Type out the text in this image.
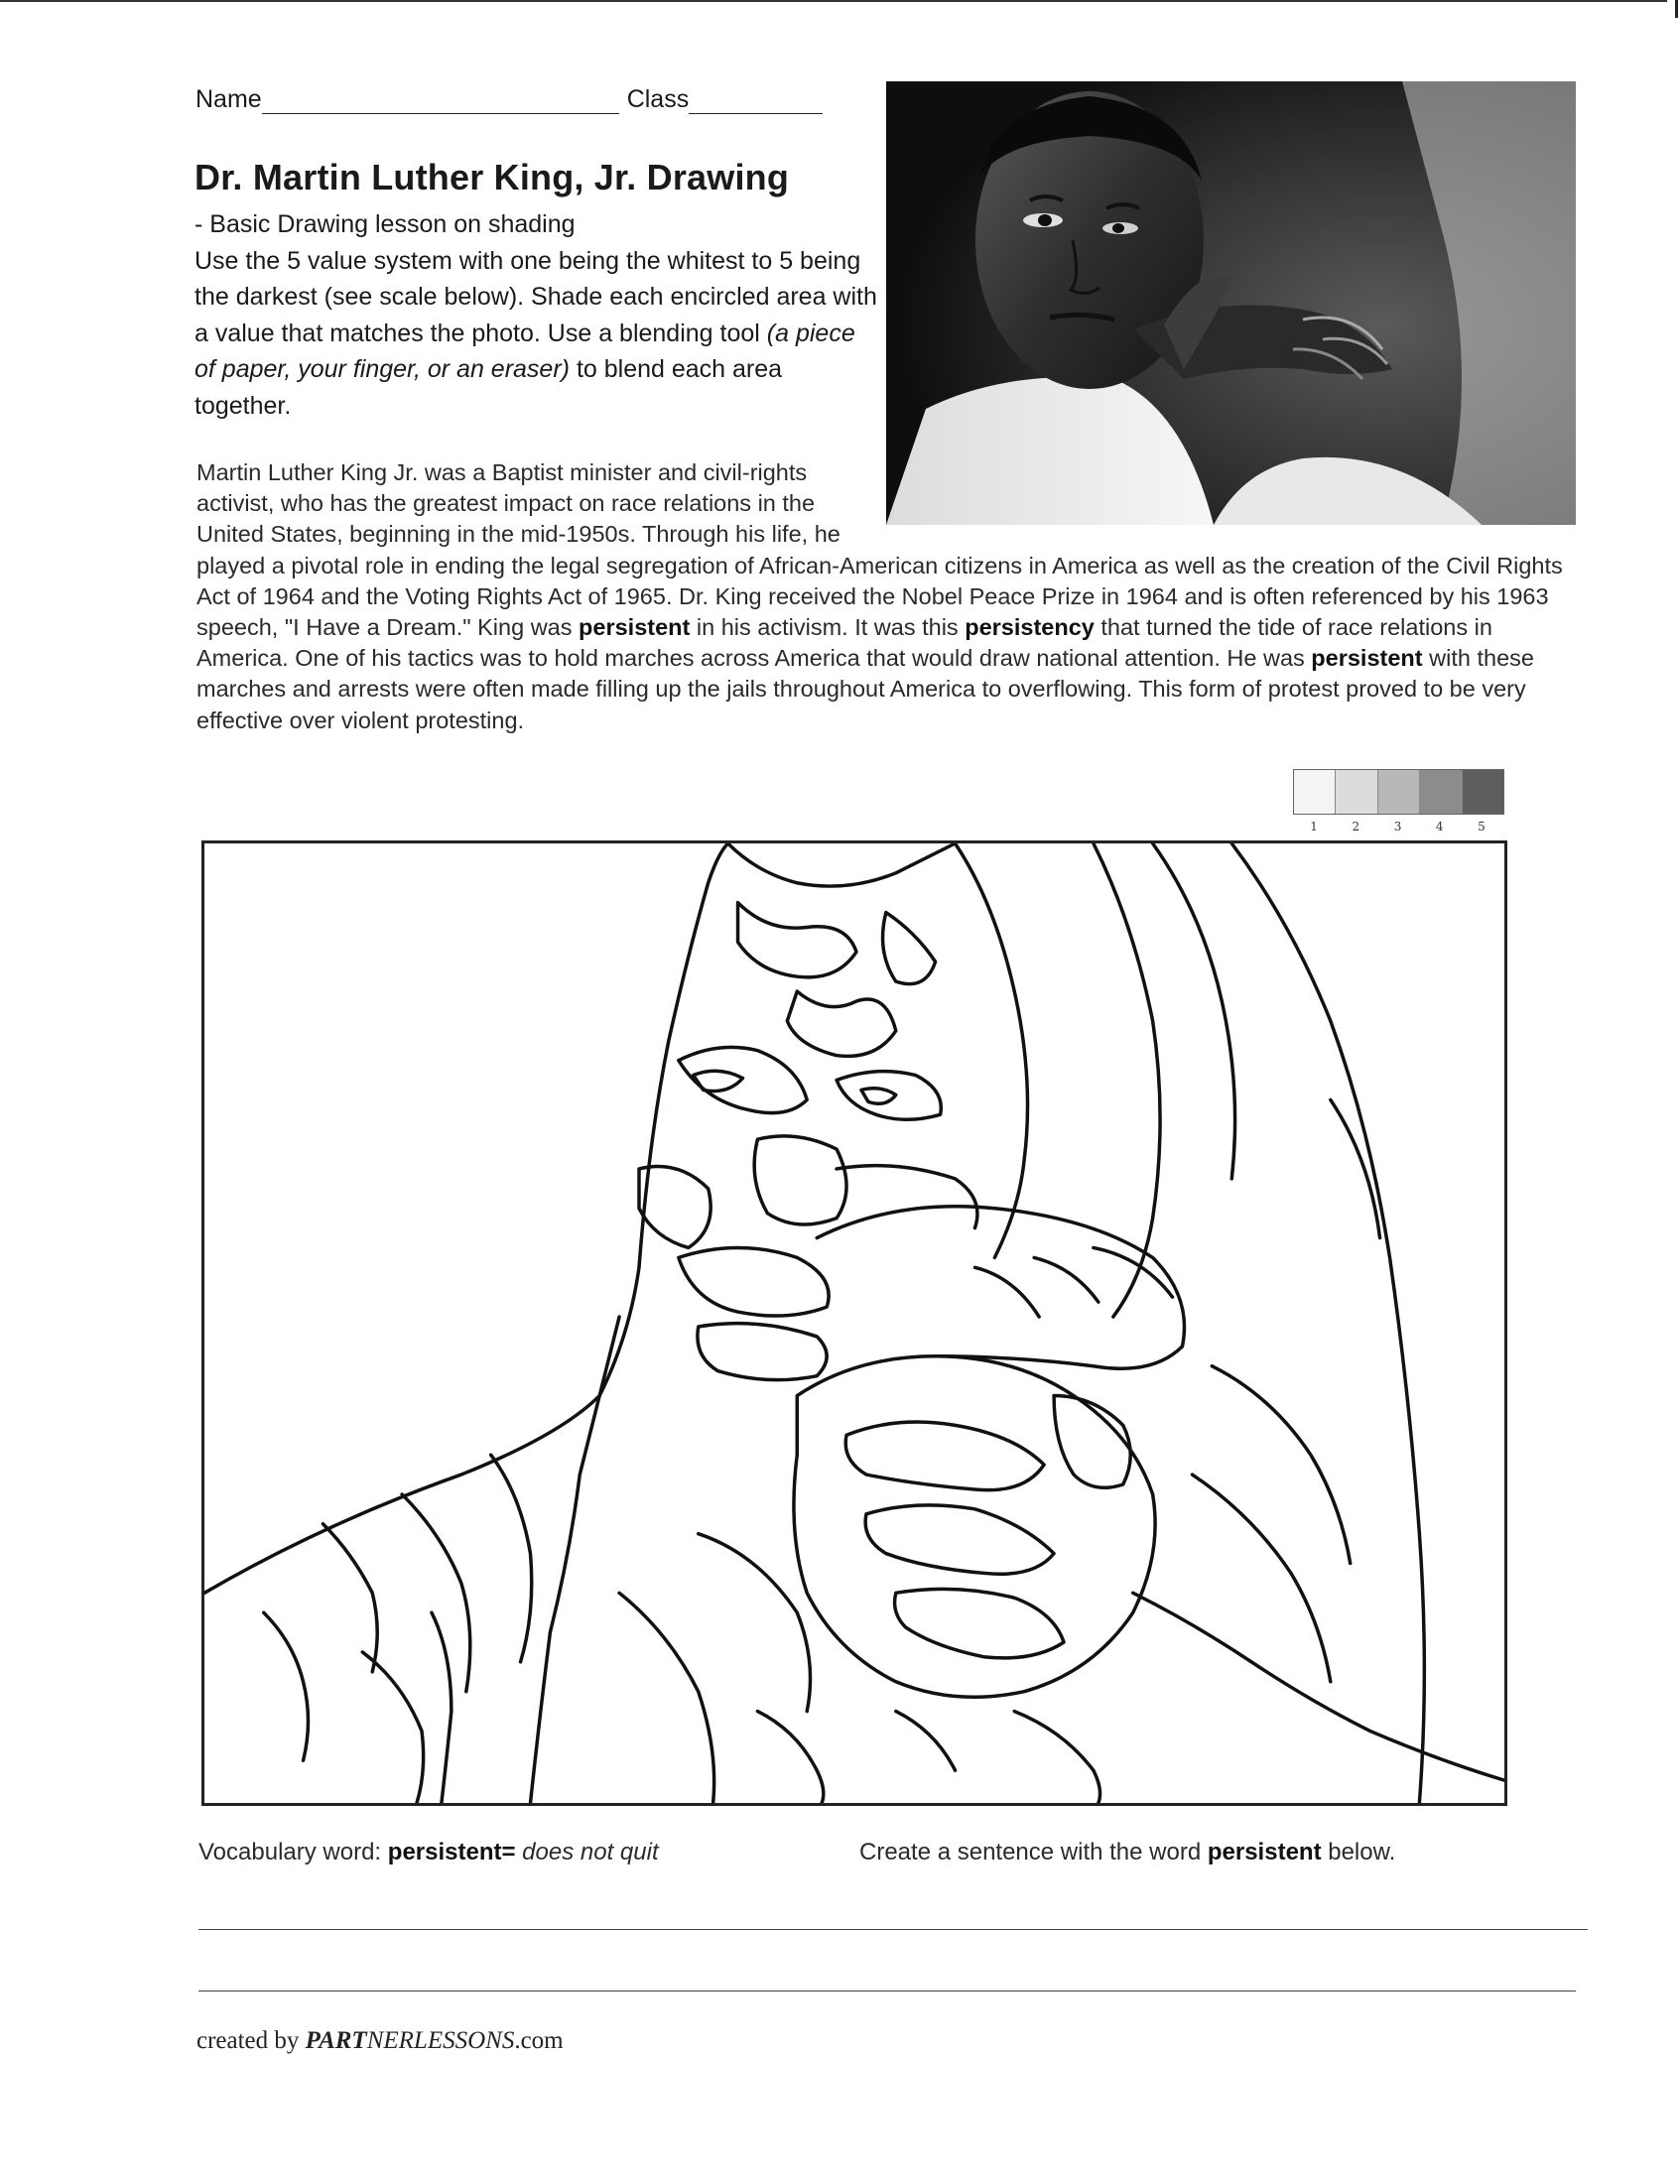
Name	Class
Dr. Martin Luther King, Jr. Drawing

- Basic Drawing lesson on shading

Use the 5 value system with one being the whitest to 5 being the darkest (see scale below). Shade each encircled area with a value that matches the photo. Use a blending tool (a piece of paper, your finger, or an eraser) to blend each area together.

Martin Luther King Jr. was a Baptist minister and civil-rights activist, who has the greatest impact on race relations in the United States, beginning in the mid-1950s. Through his life, he played a pivotal role in ending the legal segregation of African-American citizens in America as well as the creation of the Civil Rights Act of 1964 and the Voting Rights Act of 1965. Dr. King received the Nobel Peace Prize in 1964 and is often referenced by his 1963 speech, "I Have a Dream." King was persistent in his activism. It was this persistency that turned the tide of race relations in America. One of his tactics was to hold marches across America that would draw national attention. He was persistent with these marches and arrests were often made filling up the jails throughout America to overflowing. This form of protest proved to be very effective over violent protesting.

1	2	3	4	5
Vocabulary word: persistent= does not quit	Create a sentence with the word persistent below.
created by PARTNERLESSONS.com
